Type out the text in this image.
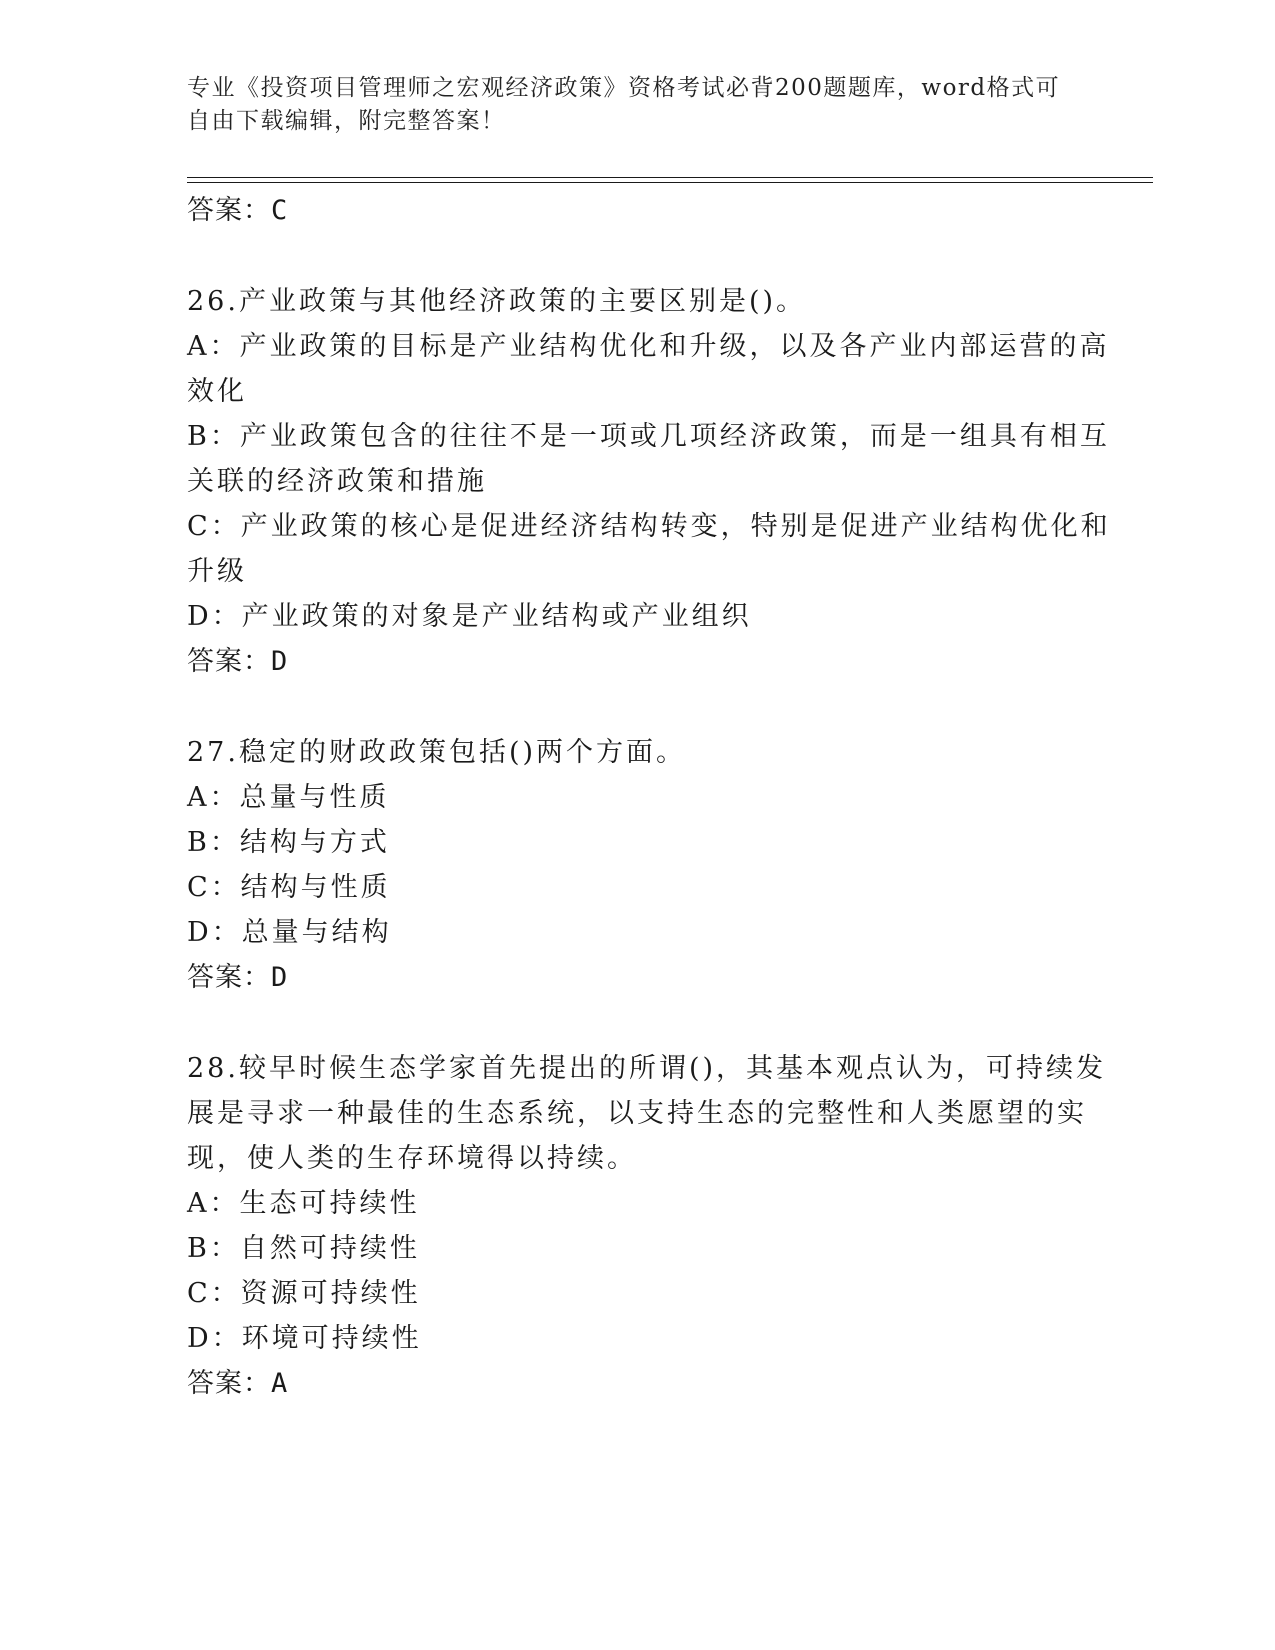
专业《投资项目管理师之宏观经济政策》资格考试必背200题题库，word格式可
自由下载编辑，附完整答案！
答案：C
26.产业政策与其他经济政策的主要区别是()。
A：产业政策的目标是产业结构优化和升级，以及各产业内部运营的高
效化
B：产业政策包含的往往不是一项或几项经济政策，而是一组具有相互
关联的经济政策和措施
C：产业政策的核心是促进经济结构转变，特别是促进产业结构优化和
升级
D：产业政策的对象是产业结构或产业组织
答案：D
27.稳定的财政政策包括()两个方面。
A：总量与性质
B：结构与方式
C：结构与性质
D：总量与结构
答案：D
28.较早时候生态学家首先提出的所谓()，其基本观点认为，可持续发
展是寻求一种最佳的生态系统，以支持生态的完整性和人类愿望的实
现，使人类的生存环境得以持续。
A：生态可持续性
B：自然可持续性
C：资源可持续性
D：环境可持续性
答案：A
